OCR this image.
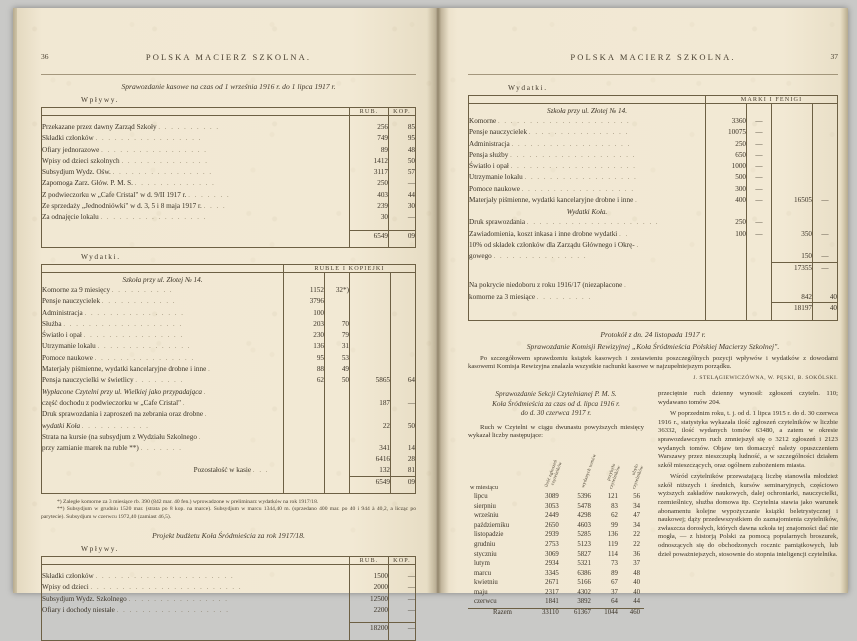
36	POLSKA MACIERZ SZKOLNA.
Sprawozdanie kasowe na czas od 1 września 1916 r. do 1 lipca 1917 r.
Wpływy.
	RUB.	KOP.

Przekazane przez dawny Zarząd Szkoły . . . . . . . . . .	256	85
Składki członków . . . . . . . . . . . . . . . . .	749	95
Ofiary jednorazowe . . . . . . . . . . . . . . . . .	89	48
Wpisy od dzieci szkolnych . . . . . . . . . . . . . .	1412	50
Subsydjum Wydz. Ośw. . . . . . . . . . . . . . . . .	3117	57
Zapomoga Zarz. Głów. P. M. S. . . . . . . . . . . . . .	250	—
Z podwieczorku w „Cafe Cristal" w d. 9/II 1917 r. . . . . . . .	403	44
Ze sprzedaży „Jednodniówki" w d. 3, 5 i 8 maja 1917 r. . . . .	239	30
Za odnajęcie lokalu . . . . . . . . . . . . . . . . .	30	—

	6549	09

Wydatki.
	RUBLE I KOPIEJKI			
Szkoła przy ul. Złotej № 14.				
Komorne za 9 miesięcy . . . . . . . . . .	1152	32*)		
Pensje nauczycielek . . . . . . . . . . . .	3796			
Administracja . . . . . . . . . . . . . . . .	100			
Służba . . . . . . . . . . . . . . . . . . .	203	70		
Światło i opał . . . . . . . . . . . . . . . .	230	79		
Utrzymanie lokalu . . . . . . . . . . . . . . .	136	31		
Pomoce naukowe . . . . . . . . . . . . . . . .	95	53		
Materjały piśmienne, wydatki kancelaryjne drobne i inne .	88	49		
Pensja nauczycielki w świetlicy . . . . . . . .	62	50	5865	64
Wypłacone Czytelni przy ul. Wielkiej jako przypadająca .				
część dochodu z podwieczorku w „Cafe Cristal" .			187	—
Druk sprawozdania i zaproszeń na zebrania oraz drobne .				
wydatki Koła . . . . . . . . . . .			22	50
Strata na kursie (na subsydjum z Wydziału Szkolnego .				
przy zamianie marek na ruble **) . . . . . . .			341	14
			6416	28
Pozostałość w kasie . . .			132	81
			6549	09

*) Zaległe komorne za 3 miesiące rb. 390 (842 mar. 40 fen.) wprowadzone w preliminarz wydatków na rok 1917/18.

**) Subsydjum w grudniu 1520 mar. (strata po 8 kop. na marce). Subsydjum w marcu 1344,40 m. (sprzedano 400 mar. po 40 i 944 à 40,2, a licząc po parytecie). Subsydjum w czerwcu 1972,40 (zamiast 46,5).

Projekt budżetu Koła Śródmieścia za rok 1917/18.
Wpływy.
	RUB.	KOP.

Składki członków . . . . . . . . . . . . . . . . . . . . . .	1500	—
Wpisy od dzieci . . . . . . . . . . . . . . . . . . . . . . . .	2000	—
Subsydjum Wydz. Szkolnego . . . . . . . . . . . . . . . .	12500	—
Ofiary i dochody niestałe . . . . . . . . . . . . . . . . . .	2200	—

	18200	—

POLSKA MACIERZ SZKOLNA.	37
Wydatki.
	MARKI I FENIGI			
Szkoła przy ul. Złotej № 14.				
Komorne . . . . . . . . . . . . . . . . . . . . .	3360	—		
Pensje nauczycielek . . . . . . . . . . . . . . . .	10075	—		
Administracja . . . . . . . . . . . . . . . . . . .	250	—		
Pensja służby . . . . . . . . . . . . . . . . . . . .	650	—		
Światło i opał . . . . . . . . . . . . . . . . . . . .	1000	—		
Utrzymanie lokalu . . . . . . . . . . . . . . . . . .	500	—		
Pomoce naukowe . . . . . . . . . . . . . . . . . .	300	—		
Materjały piśmienne, wydatki kancelaryjne drobne i inne .	400	—	16505	—
Wydatki Koła.				
Druk sprawozdania . . . . . . . . . . . . . . . . . . . . .	250	—		
Zawiadomienia, koszt inkasa i inne drobne wydatki . .	100	—	350	—
10% od składek członków dla Zarządu Głównego i Okrę- .				
gowego . . . . . . . . . . . . . . .			150	—
			17355	—
Na pokrycie niedoboru z roku 1916/17 (niezapłacone .				
komorne za 3 miesiące . . . . . . . . .			842	40
			18197	40

Protokół z dn. 24 listopada 1917 r.
Sprawozdanie Komisji Rewizyjnej „Koła Śródmieścia Polskiej Macierzy Szkolnej".

Po szczegółowem sprawdzeniu książek kasowych i zestawieniu poszczególnych pozycji wpływów i wydatków z dowodami kasowemi Komisja Rewizyjna znalazła wszystkie rachunki kasowe w najzupełniejszym porządku.

J. STELĄGIEWICZÓWNA, W. PĘSKI, B. SOKÓLSKI.
Sprawozdanie Sekcji Czytelnianej P. M. S.
Koła Śródmieścia za czas od d. lipca 1916 r.
do d. 30 czerwca 1917 r.

Ruch w Czytelni w ciągu dwunastu powyższych miesięcy wykazał liczby następujące:

w miesiącu	ilość zgłoszeń
czytelników	wydanych tomów	przybyło
czytelników	ubyło
czytelników
lipcu	3089	5396	121	56
sierpniu	3053	5478	83	34
wrześniu	2449	4298	62	47
październiku	2650	4603	99	34
listopadzie	2939	5285	136	22
grudniu	2753	5123	119	22
styczniu	3069	5827	114	36
lutym	2934	5321	73	37
marcu	3345	6386	89	48
kwietniu	2671	5166	67	40
maju	2317	4302	37	40
czerwcu	1841	3892	64	44
Razem	33110	61367	1044	460

przeciętnie ruch dzienny wynosił: zgłoszeń czyteln. 110; wydawano tomów 204.

W poprzednim roku, t. j. od d. 1 lipca 1915 r. do d. 30 czerwca 1916 r., statystyka wykazała ilość zgłoszeń czytelników w liczbie 36332, ilość wydanych tomów 63480, a zatem w okresie sprawozdawczym ruch zmniejszył się o 3212 zgłoszeń i 2123 wydanych tomów. Objaw ten tłomaczyć należy opuszczeniem Warszawy przez nieszczupłą ludność, a w szczególności działem szkół mieszczących, oraz ogólnem zubożeniem miasta.

Wśród czytelników przeważającą liczbę stanowiła młodzież szkół niższych i średnich, kursów seminaryjnych, częściowo wyższych zakładów naukowych, dalej ochroniarki, nauczycielki, rzemieślnicy, służba domowa itp. Czytelnia stawia jako warunek abonamentu kolejne wypożyczanie książki beletrystycznej i naukowej; dąży przedewszystkiem do zaznajomienia czytelników, zwłaszcza dorosłych, których dawna szkoła tej znajomości dać nie mogła, — z historją Polski za pomocą popularnych broszurek, odnoszących się do obchodzonych rocznic pamiątkowych, lub dzieł poważniejszych, stosownie do stopnia inteligencji czytelnika.
